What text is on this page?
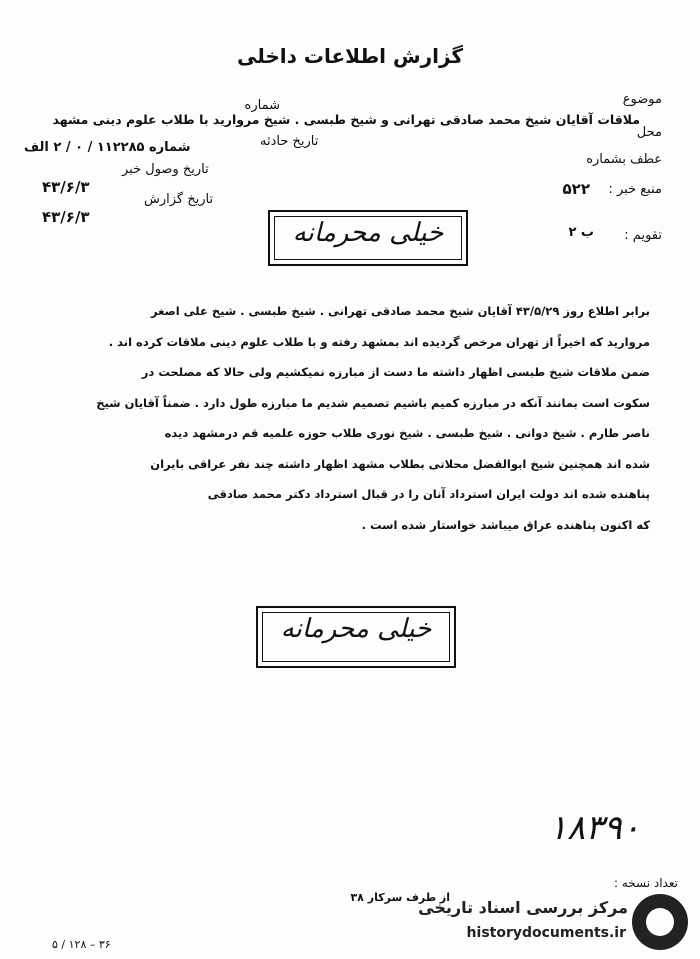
گزارش اطلاعات داخلی
موضوع
محل
عطف بشماره
منبع خبر :
۵۲۲
تقویم :
ب ۲
شماره
ملاقات آقایان شیخ محمد صادقی تهرانی و شیخ طبسی . شیخ مروارید با طلاب علوم دینی مشهد
تاریخ حادثه
شماره ۱۱۲۲۸۵ / ۰ / ۲ الف
تاریخ وصول خبر
۴۳/۶/۳
تاریخ گزارش
۴۳/۶/۳
خیلی محرمانه
برابر اطلاع روز ۴۳/۵/۲۹ آقایان شیخ محمد صادقی تهرانی . شیخ طبسی . شیخ علی اصغر
مروارید که اخیراً از تهران مرخص گردیده اند بمشهد رفته و با طلاب علوم دینی ملاقات کرده اند .
ضمن ملاقات شیخ طبسی اظهار داشته ما دست از مبارزه نمیکشیم ولی حالا که مصلحت در
سکوت است بمانند آنکه در مبارزه کمیم باشیم تصمیم شدیم ما مبارزه طول دارد . ضمناً آقایان شیخ
ناصر طارم . شیخ دوانی . شیخ طبسی . شیخ نوری طلاب حوزه علمیه قم درمشهد دیده
شده اند همچنین شیخ ابوالفضل محلاتی بطلاب مشهد اظهار داشته چند نفر عراقی بایران
پناهنده شده اند دولت ایران استرداد آنان را در قبال استرداد دکتر محمد صادقی
که اکنون پناهنده عراق میباشد خواستار شده است .
خیلی محرمانه
۱۸۳۹۰
تعداد نسخه :
از طرف سرکار ۳۸
مرکز بررسی اسناد تاریخی
historydocuments.ir
۳۶ – ۱۲۸ / ۵
